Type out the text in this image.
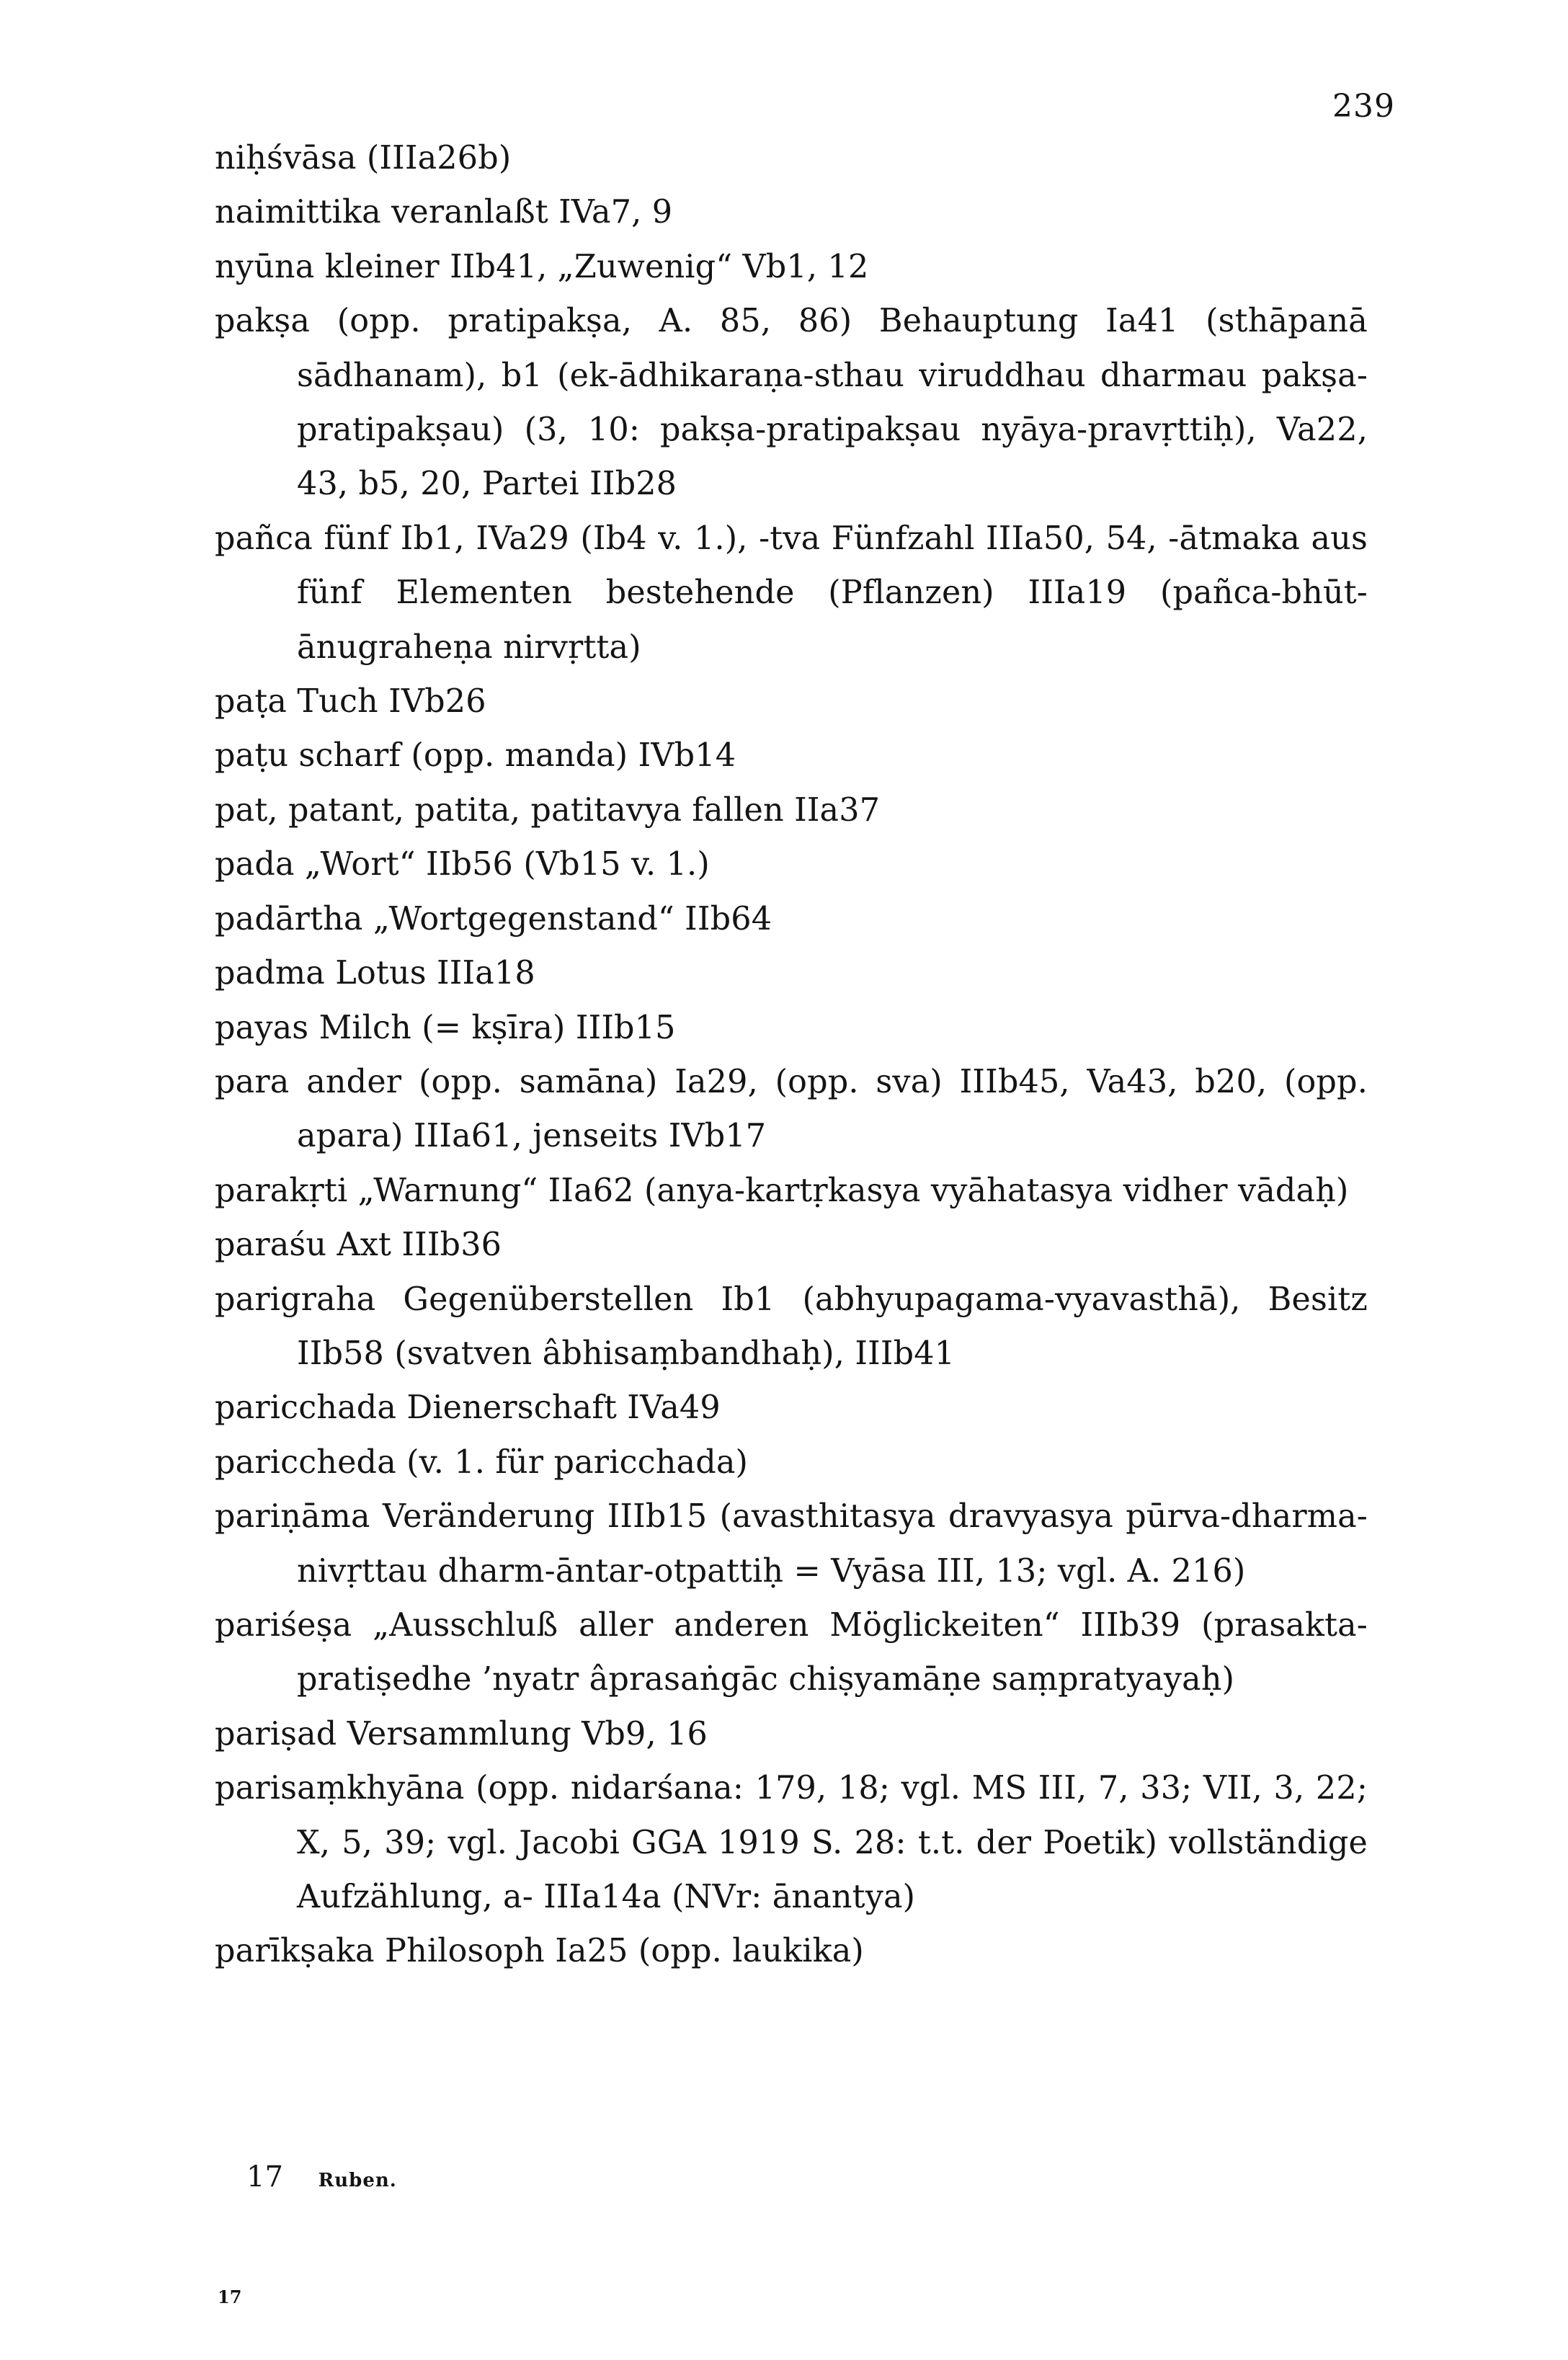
239

niḥśvāsa (IIIa26b)

naimittika veranlaßt IVa7, 9

nyūna kleiner IIb41, „Zuwenig“ Vb1, 12

pakṣa (opp. pratipakṣa, A. 85, 86) Behauptung Ia41 (sthāpanā sādhanam), b1 (ek-ādhikaraṇa-sthau viruddhau dharmau pakṣa-pratipakṣau) (3, 10: pakṣa-pratipakṣau nyāya-pravṛttiḥ), Va22, 43, b5, 20, Partei IIb28

pañca fünf Ib1, IVa29 (Ib4 v. 1.), -tva Fünfzahl IIIa50, 54, -ātmaka aus fünf Elementen bestehende (Pflanzen) IIIa19 (pañca-bhūt-ānugraheṇa nirvṛtta)

paṭa Tuch IVb26

paṭu scharf (opp. manda) IVb14

pat, patant, patita, patitavya fallen IIa37

pada „Wort“ IIb56 (Vb15 v. 1.)

padārtha „Wortgegenstand“ IIb64

padma Lotus IIIa18

payas Milch (= kṣīra) IIIb15

para ander (opp. samāna) Ia29, (opp. sva) IIIb45, Va43, b20, (opp. apara) IIIa61, jenseits IVb17

parakṛti „Warnung“ IIa62 (anya-kartṛkasya vyāhatasya vidher vādaḥ)

paraśu Axt IIIb36

parigraha Gegenüberstellen Ib1 (abhyupagama-vyavasthā), Besitz IIb58 (svatven âbhisaṃbandhaḥ), IIIb41

paricchada Dienerschaft IVa49

pariccheda (v. 1. für paricchada)

pariṇāma Veränderung IIIb15 (avasthitasya dravyasya pūrva-dharma-nivṛttau dharm-āntar-otpattiḥ = Vyāsa III, 13; vgl. A. 216)

pariśeṣa „Ausschluß aller anderen Möglickeiten“ IIIb39 (prasakta-pratiṣedhe ’nyatr âprasaṅgāc chiṣyamāṇe saṃpratyayaḥ)

pariṣad Versammlung Vb9, 16

parisaṃkhyāna (opp. nidarśana: 179, 18; vgl. MS III, 7, 33; VII, 3, 22; X, 5, 39; vgl. Jacobi GGA 1919 S. 28: t.t. der Poetik) vollständige Aufzählung, a- IIIa14a (NVr: ānantya)

parīkṣaka Philosoph Ia25 (opp. laukika)

17 Ruben.
17
